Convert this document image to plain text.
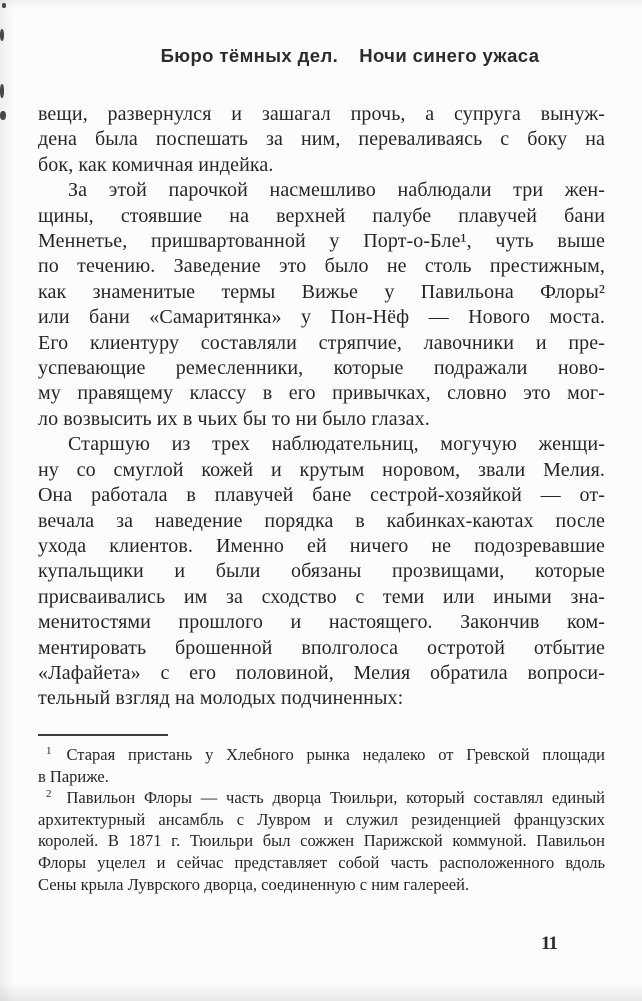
Бюро тёмных дел. Ночи синего ужаса
вещи, развернулся и зашагал прочь, а супруга вынуж-
дена была поспешать за ним, переваливаясь с боку на
бок, как комичная индейка.
За этой парочкой насмешливо наблюдали три жен-
щины, стоявшие на верхней палубе плавучей бани
Меннетье, пришвартованной у Порт-о-Бле¹, чуть выше
по течению. Заведение это было не столь престижным,
как знаменитые термы Вижье у Павильона Флоры²
или бани «Самаритянка» у Пон-Нёф — Нового моста.
Его клиентуру составляли стряпчие, лавочники и пре-
успевающие ремесленники, которые подражали ново-
му правящему классу в его привычках, словно это мог-
ло возвысить их в чьих бы то ни было глазах.
Старшую из трех наблюдательниц, могучую женщи-
ну со смуглой кожей и крутым норовом, звали Мелия.
Она работала в плавучей бане сестрой-хозяйкой — от-
вечала за наведение порядка в кабинках-каютах после
ухода клиентов. Именно ей ничего не подозревавшие
купальщики и были обязаны прозвищами, которые
присваивались им за сходство с теми или иными зна-
менитостями прошлого и настоящего. Закончив ком-
ментировать брошенной вполголоса остротой отбытие
«Лафайета» с его половиной, Мелия обратила вопроси-
тельный взгляд на молодых подчиненных:
$^1$ Старая пристань у Хлебного рынка недалеко от Гревской площади
в Париже.
$^2$ Павильон Флоры — часть дворца Тюильри, который составлял единый
архитектурный ансамбль с Лувром и служил резиденцией французских
королей. В 1871 г. Тюильри был сожжен Парижской коммуной. Павильон
Флоры уцелел и сейчас представляет собой часть расположенного вдоль
Сены крыла Луврского дворца, соединенную с ним галереей.
11
